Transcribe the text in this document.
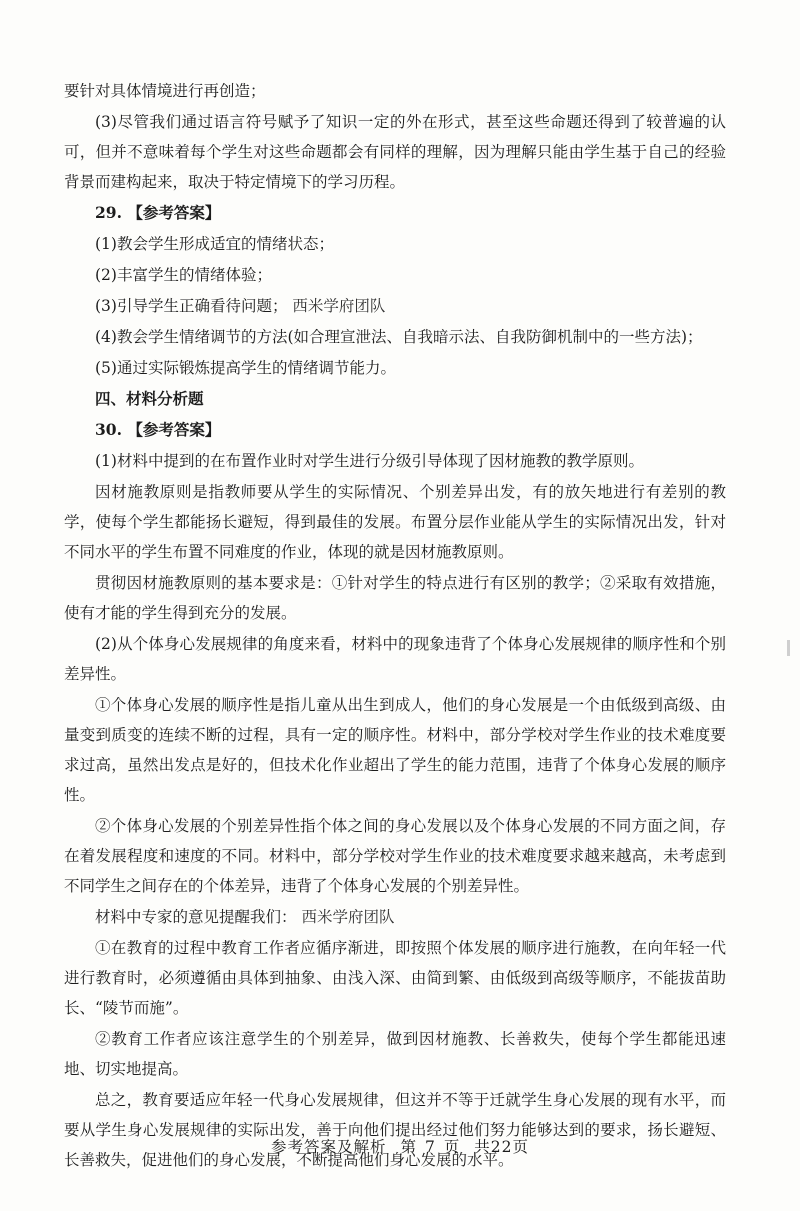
要针对具体情境进行再创造；

(3)尽管我们通过语言符号赋予了知识一定的外在形式，甚至这些命题还得到了较普遍的认可，但并不意味着每个学生对这些命题都会有同样的理解，因为理解只能由学生基于自己的经验背景而建构起来，取决于特定情境下的学习历程。

29. 【参考答案】

(1)教会学生形成适宜的情绪状态；

(2)丰富学生的情绪体验；

(3)引导学生正确看待问题； 西米学府团队

(4)教会学生情绪调节的方法(如合理宣泄法、自我暗示法、自我防御机制中的一些方法)；

(5)通过实际锻炼提高学生的情绪调节能力。

四、材料分析题

30. 【参考答案】

(1)材料中提到的在布置作业时对学生进行分级引导体现了因材施教的教学原则。

因材施教原则是指教师要从学生的实际情况、个别差异出发，有的放矢地进行有差别的教学，使每个学生都能扬长避短，得到最佳的发展。布置分层作业能从学生的实际情况出发，针对不同水平的学生布置不同难度的作业，体现的就是因材施教原则。

贯彻因材施教原则的基本要求是：①针对学生的特点进行有区别的教学；②采取有效措施，使有才能的学生得到充分的发展。

(2)从个体身心发展规律的角度来看，材料中的现象违背了个体身心发展规律的顺序性和个别差异性。

①个体身心发展的顺序性是指儿童从出生到成人，他们的身心发展是一个由低级到高级、由量变到质变的连续不断的过程，具有一定的顺序性。材料中，部分学校对学生作业的技术难度要求过高，虽然出发点是好的，但技术化作业超出了学生的能力范围，违背了个体身心发展的顺序性。

②个体身心发展的个别差异性指个体之间的身心发展以及个体身心发展的不同方面之间，存在着发展程度和速度的不同。材料中，部分学校对学生作业的技术难度要求越来越高，未考虑到不同学生之间存在的个体差异，违背了个体身心发展的个别差异性。

材料中专家的意见提醒我们： 西米学府团队

①在教育的过程中教育工作者应循序渐进，即按照个体发展的顺序进行施教，在向年轻一代进行教育时，必须遵循由具体到抽象、由浅入深、由简到繁、由低级到高级等顺序，不能拔苗助长、“陵节而施”。

②教育工作者应该注意学生的个别差异，做到因材施教、长善救失，使每个学生都能迅速地、切实地提高。

总之，教育要适应年轻一代身心发展规律，但这并不等于迁就学生身心发展的现有水平，而要从学生身心发展规律的实际出发，善于向他们提出经过他们努力能够达到的要求，扬长避短、长善救失，促进他们的身心发展，不断提高他们身心发展的水平。

参考答案及解析 第 7 页 共22页
